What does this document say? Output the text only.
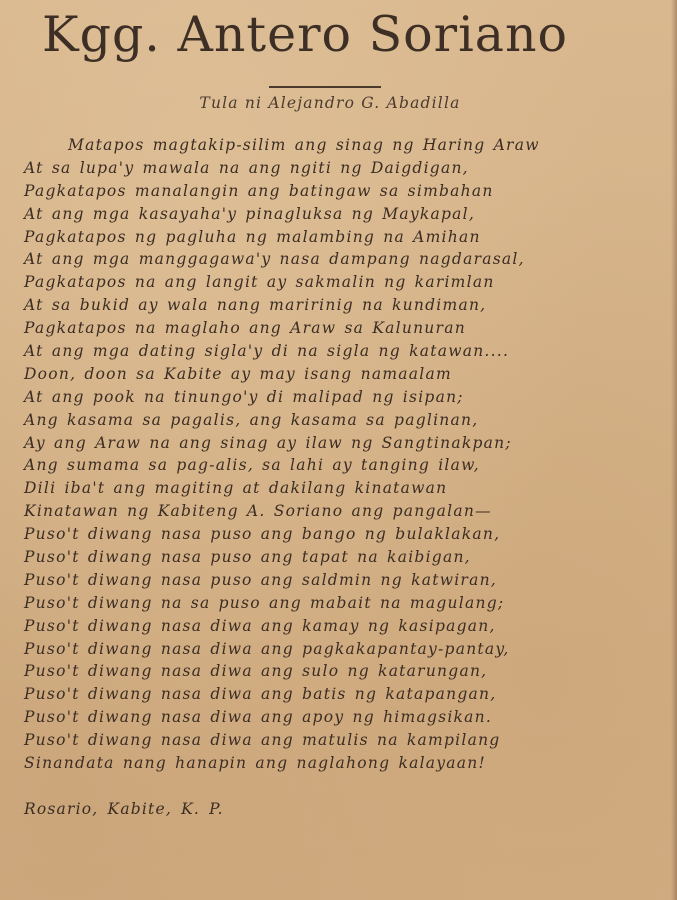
Kgg. Antero Soriano
Tula ni Alejandro G. Abadilla
Matapos magtakip-silim ang sinag ng Haring Araw
At sa lupa'y mawala na ang ngiti ng Daigdigan,
Pagkatapos manalangin ang batingaw sa simbahan
At ang mga kasayaha'y pinagluksa ng Maykapal,
Pagkatapos ng pagluha ng malambing na Amihan
At ang mga manggagawa'y nasa dampang nagdarasal,
Pagkatapos na ang langit ay sakmalin ng karimlan
At sa bukid ay wala nang maririnig na kundiman,
Pagkatapos na maglaho ang Araw sa Kalunuran
At ang mga dating sigla'y di na sigla ng katawan....
Doon, doon sa Kabite ay may isang namaalam
At ang pook na tinungo'y di malipad ng isipan;
Ang kasama sa pagalis, ang kasama sa paglinan,
Ay ang Araw na ang sinag ay ilaw ng Sangtinakpan;
Ang sumama sa pag-alis, sa lahi ay tanging ilaw,
Dili iba't ang magiting at dakilang kinatawan
Kinatawan ng Kabiteng A. Soriano ang pangalan—
Puso't diwang nasa puso ang bango ng bulaklakan,
Puso't diwang nasa puso ang tapat na kaibigan,
Puso't diwang nasa puso ang saldmin ng katwiran,
Puso't diwang na sa puso ang mabait na magulang;
Puso't diwang nasa diwa ang kamay ng kasipagan,
Puso't diwang nasa diwa ang pagkakapantay-pantay,
Puso't diwang nasa diwa ang sulo ng katarungan,
Puso't diwang nasa diwa ang batis ng katapangan,
Puso't diwang nasa diwa ang apoy ng himagsikan.
Puso't diwang nasa diwa ang matulis na kampilang
Sinandata nang hanapin ang naglahong kalayaan!
Rosario, Kabite, K. P.
